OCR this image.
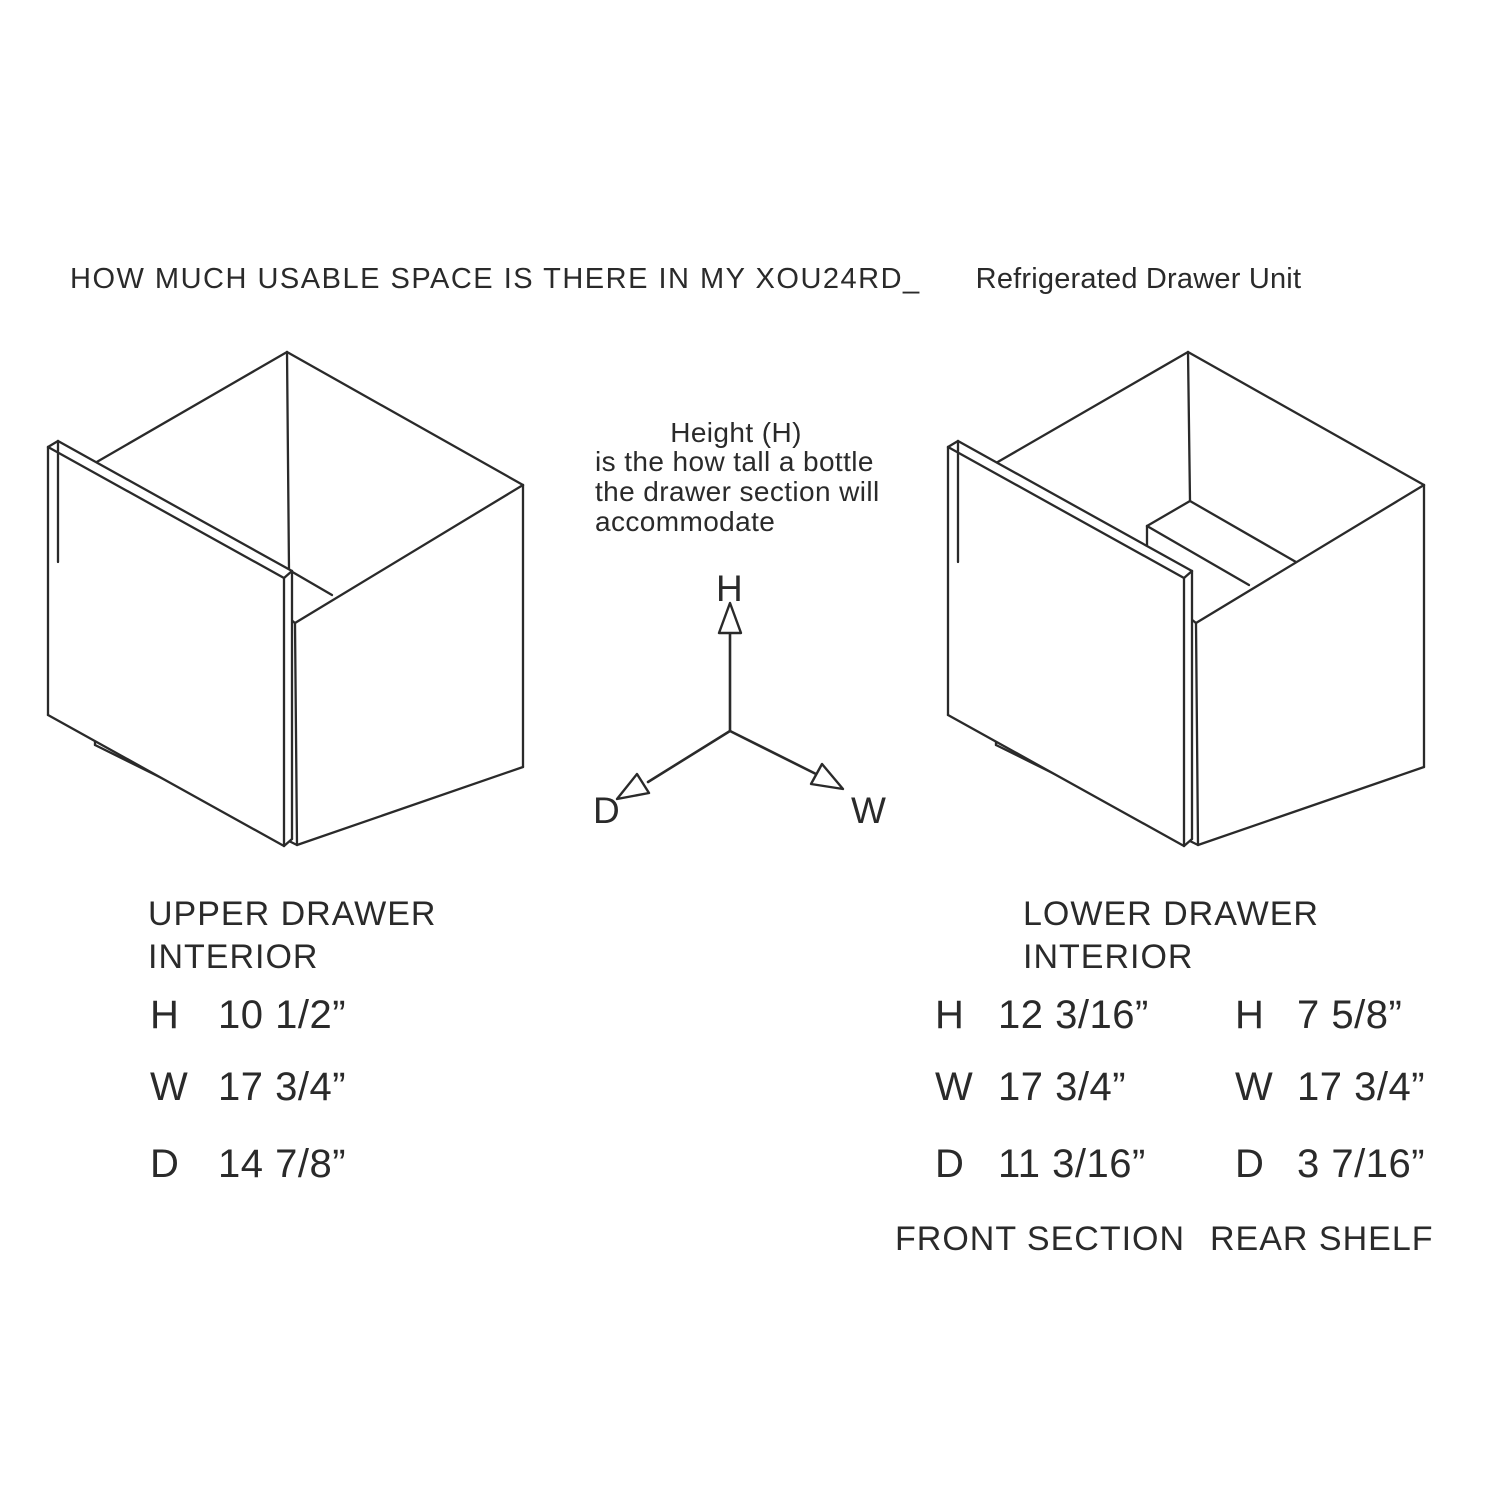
H
D	W
HOW MUCH USABLE SPACE IS THERE IN MY XOU24RD_ Refrigerated Drawer Unit
Height (H)
is the how tall a bottle
the drawer section will
accommodate
UPPER DRAWER
INTERIOR
H 10 1/2”
W 17 3/4”
D 14 7/8”
LOWER DRAWER
INTERIOR
H 12 3/16”
W 17 3/4”
D 11 3/16”
H 7 5/8”
W 17 3/4”
D 3 7/16”
FRONT SECTION REAR SHELF
